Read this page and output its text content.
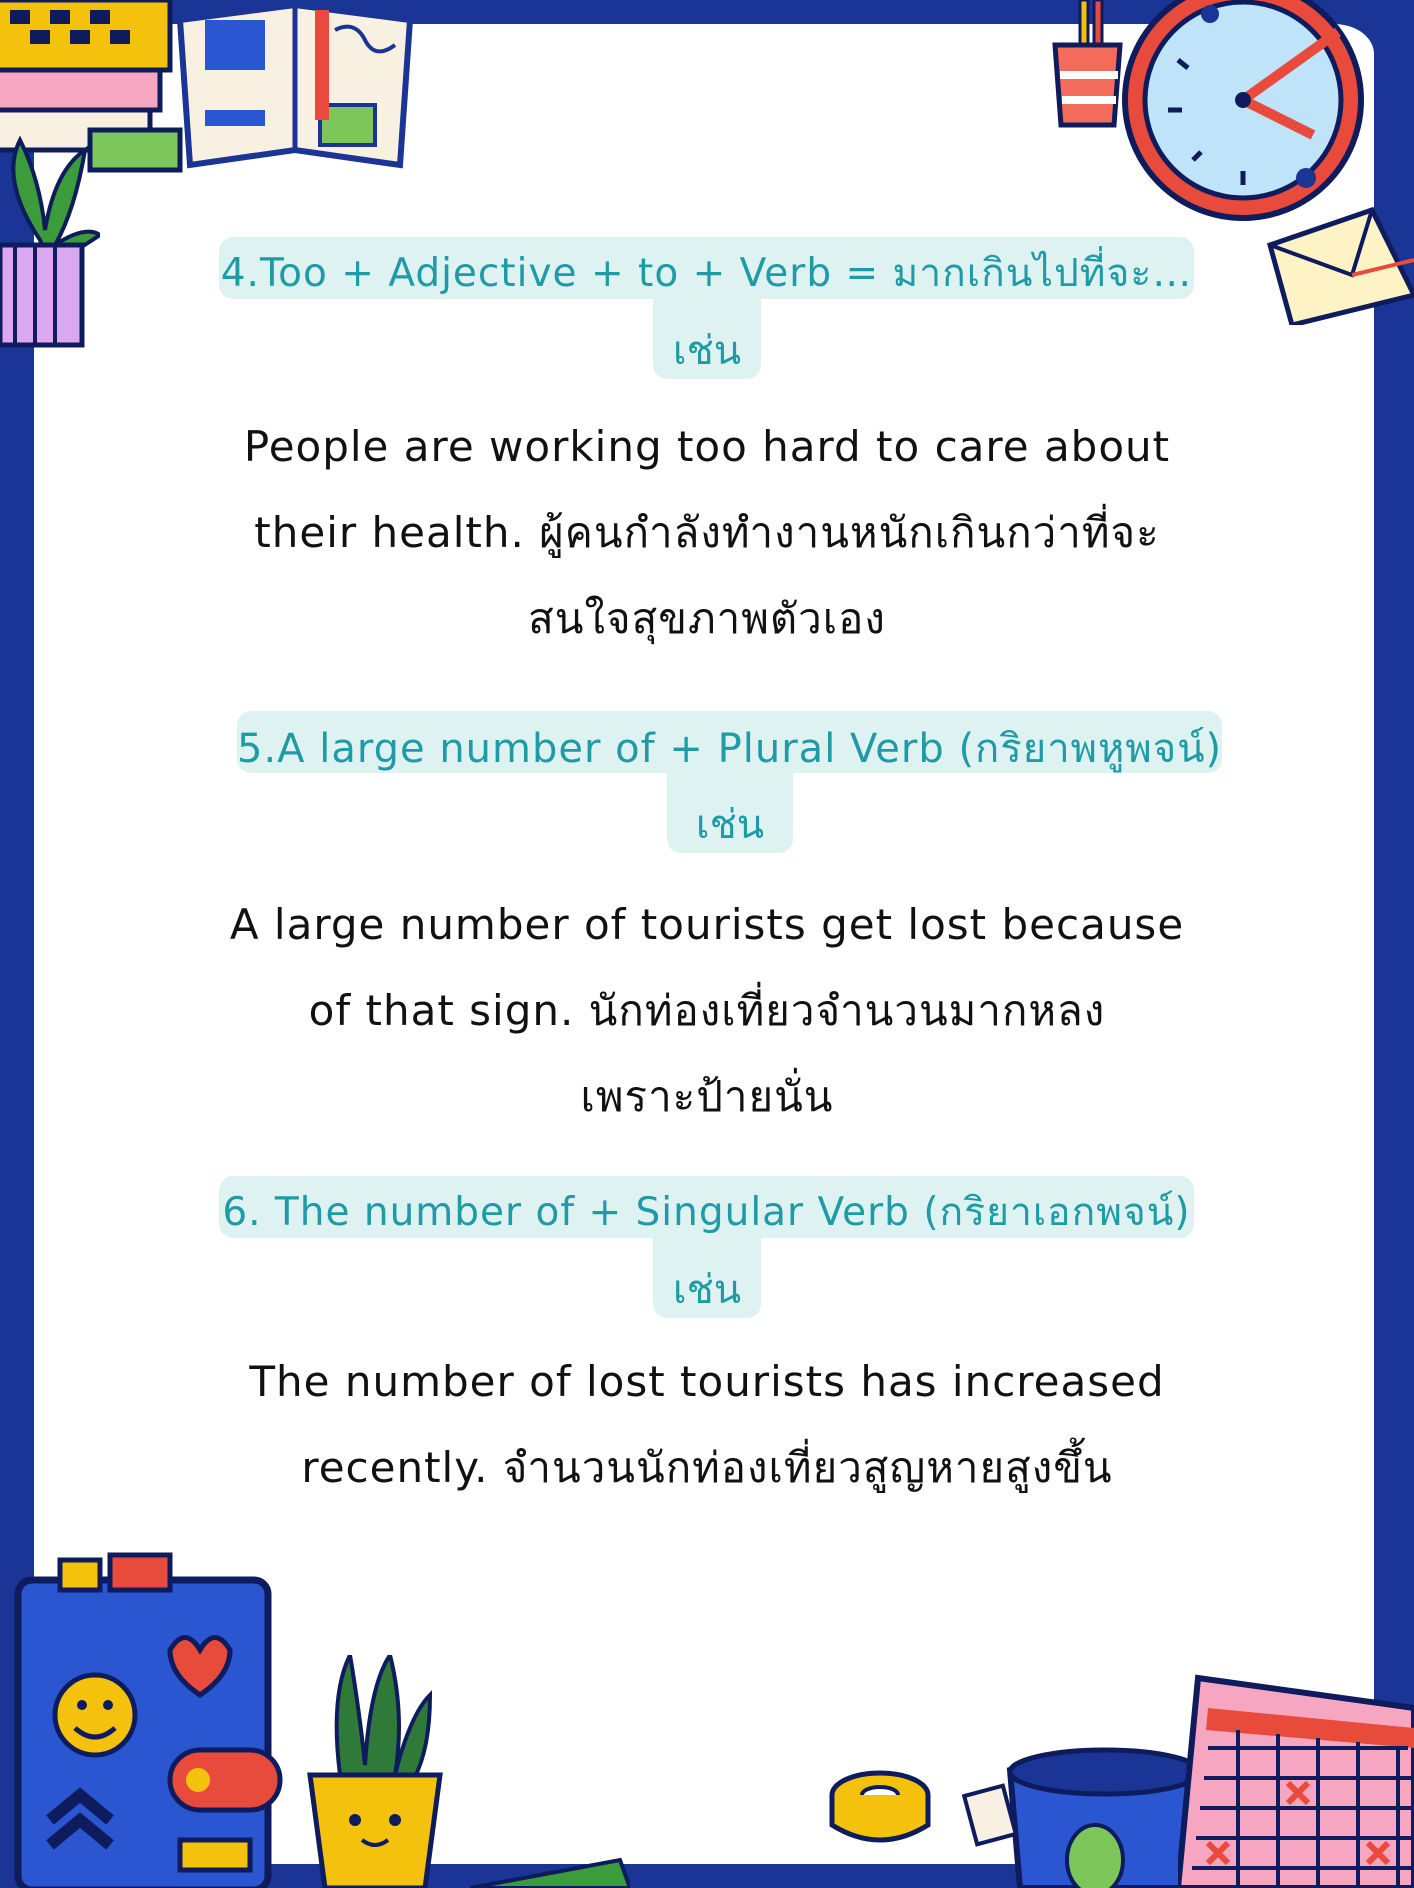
4.Too + Adjective + to + Verb = มากเกินไปที่จะ…
เช่น
People are working too hard to care about
their health. ผู้คนกำลังทำงานหนักเกินกว่าที่จะ
สนใจสุขภาพตัวเอง
5.A large number of + Plural Verb (กริยาพหูพจน์)
เช่น
A large number of tourists get lost because
of that sign. นักท่องเที่ยวจำนวนมากหลง
เพราะป้ายนั่น
6. The number of + Singular Verb (กริยาเอกพจน์)
เช่น
The number of lost tourists has increased
recently. จำนวนนักท่องเที่ยวสูญหายสูงขึ้น
